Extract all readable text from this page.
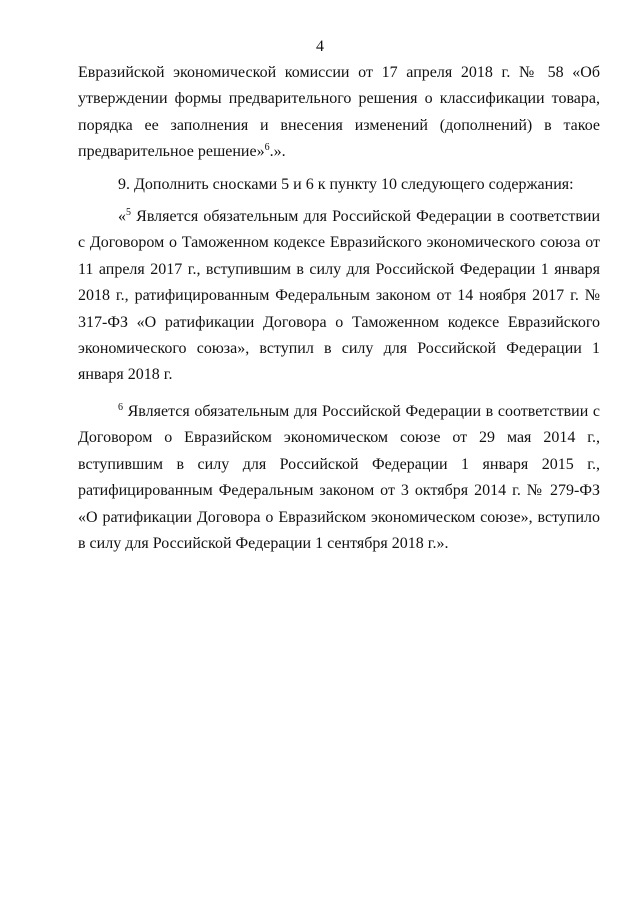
4

Евразийской экономической комиссии от 17 апреля 2018 г. № 58 «Об утверждении формы предварительного решения о классификации товара, порядка ее заполнения и внесения изменений (дополнений) в такое предварительное решение»$^6$.».

9. Дополнить сносками 5 и 6 к пункту 10 следующего содержания:

«$^5$ Является обязательным для Российской Федерации в соответствии с Договором о Таможенном кодексе Евразийского экономического союза от 11 апреля 2017 г., вступившим в силу для Российской Федерации 1 января 2018 г., ратифицированным Федеральным законом от 14 ноября 2017 г. № 317-ФЗ «О ратификации Договора о Таможенном кодексе Евразийского экономического союза», вступил в силу для Российской Федерации 1 января 2018 г.

$^6$ Является обязательным для Российской Федерации в соответствии с Договором о Евразийском экономическом союзе от 29 мая 2014 г., вступившим в силу для Российской Федерации 1 января 2015 г., ратифицированным Федеральным законом от 3 октября 2014 г. № 279-ФЗ «О ратификации Договора о Евразийском экономическом союзе», вступило в силу для Российской Федерации 1 сентября 2018 г.».
